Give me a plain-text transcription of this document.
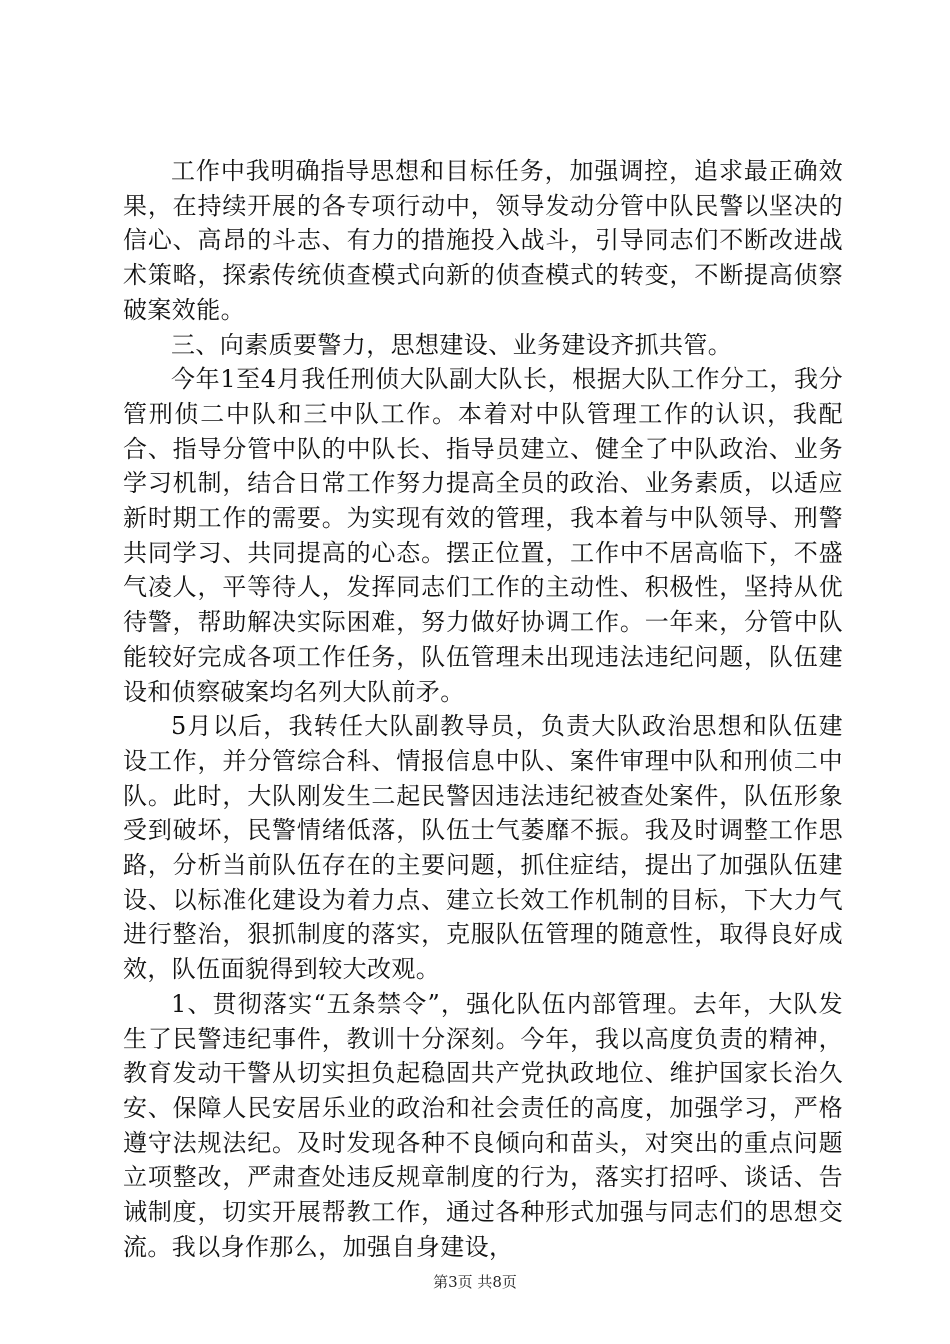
工作中我明确指导思想和目标任务，加强调控，追求最正确效果，在持续开展的各专项行动中，领导发动分管中队民警以坚决的信心、高昂的斗志、有力的措施投入战斗，引导同志们不断改进战术策略，探索传统侦查模式向新的侦查模式的转变，不断提高侦察破案效能。

三、向素质要警力，思想建设、业务建设齐抓共管。

今年1至4月我任刑侦大队副大队长，根据大队工作分工，我分管刑侦二中队和三中队工作。本着对中队管理工作的认识，我配合、指导分管中队的中队长、指导员建立、健全了中队政治、业务学习机制，结合日常工作努力提高全员的政治、业务素质，以适应新时期工作的需要。为实现有效的管理，我本着与中队领导、刑警共同学习、共同提高的心态。摆正位置，工作中不居高临下，不盛气凌人，平等待人，发挥同志们工作的主动性、积极性，坚持从优待警，帮助解决实际困难，努力做好协调工作。一年来，分管中队能较好完成各项工作任务，队伍管理未出现违法违纪问题，队伍建设和侦察破案均名列大队前矛。

5月以后，我转任大队副教导员，负责大队政治思想和队伍建设工作，并分管综合科、情报信息中队、案件审理中队和刑侦二中队。此时，大队刚发生二起民警因违法违纪被查处案件，队伍形象受到破坏，民警情绪低落，队伍士气萎靡不振。我及时调整工作思路，分析当前队伍存在的主要问题，抓住症结，提出了加强队伍建设、以标准化建设为着力点、建立长效工作机制的目标，下大力气进行整治，狠抓制度的落实，克服队伍管理的随意性，取得良好成效，队伍面貌得到较大改观。

1、贯彻落实“五条禁令”，强化队伍内部管理。去年，大队发生了民警违纪事件，教训十分深刻。今年，我以高度负责的精神，教育发动干警从切实担负起稳固共产党执政地位、维护国家长治久安、保障人民安居乐业的政治和社会责任的高度，加强学习，严格遵守法规法纪。及时发现各种不良倾向和苗头，对突出的重点问题立项整改，严肃查处违反规章制度的行为，落实打招呼、谈话、告诫制度，切实开展帮教工作，通过各种形式加强与同志们的思想交流。我以身作那么，加强自身建设，

第3页 共8页
